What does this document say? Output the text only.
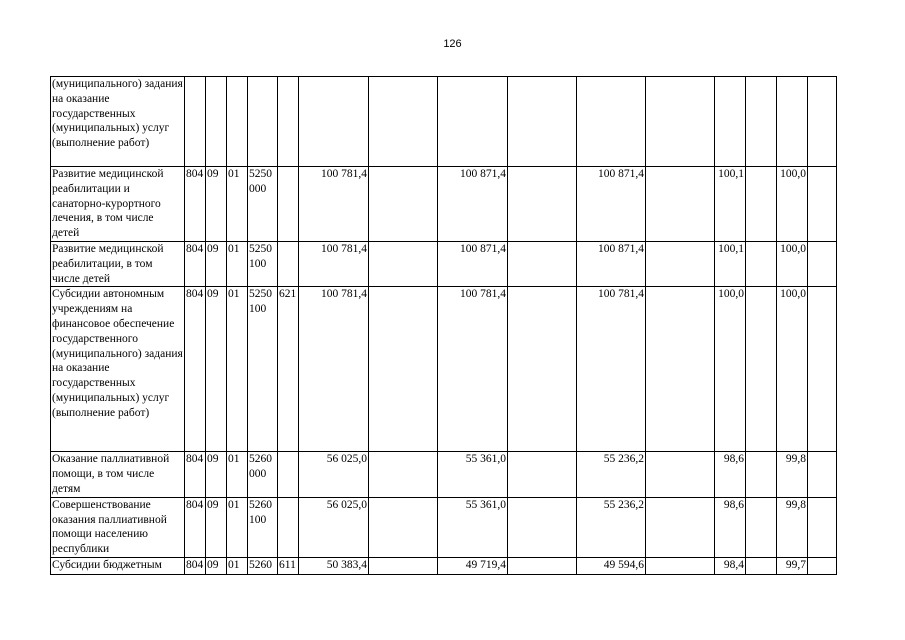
126
(муниципального) задания на оказание государственных (муниципальных) услуг (выполнение работ)															
Развитие медицинской реабилитации и санаторно-курортного лечения, в том числе детей	804	09	01	5250 000		100 781,4		100 871,4		100 871,4		100,1		100,0	
Развитие медицинской реабилитации, в том числе детей	804	09	01	5250 100		100 781,4		100 871,4		100 871,4		100,1		100,0	
Субсидии автономным учреждениям на финансовое обеспечение государственного (муниципального) задания на оказание государственных (муниципальных) услуг (выполнение работ)	804	09	01	5250 100	621	100 781,4		100 781,4		100 781,4		100,0		100,0	
Оказание паллиативной помощи, в том числе детям	804	09	01	5260 000		56 025,0		55 361,0		55 236,2		98,6		99,8	
Совершенствование оказания паллиативной помощи населению республики	804	09	01	5260 100		56 025,0		55 361,0		55 236,2		98,6		99,8	
Субсидии бюджетным	804	09	01	5260	611	50 383,4		49 719,4		49 594,6		98,4		99,7	
